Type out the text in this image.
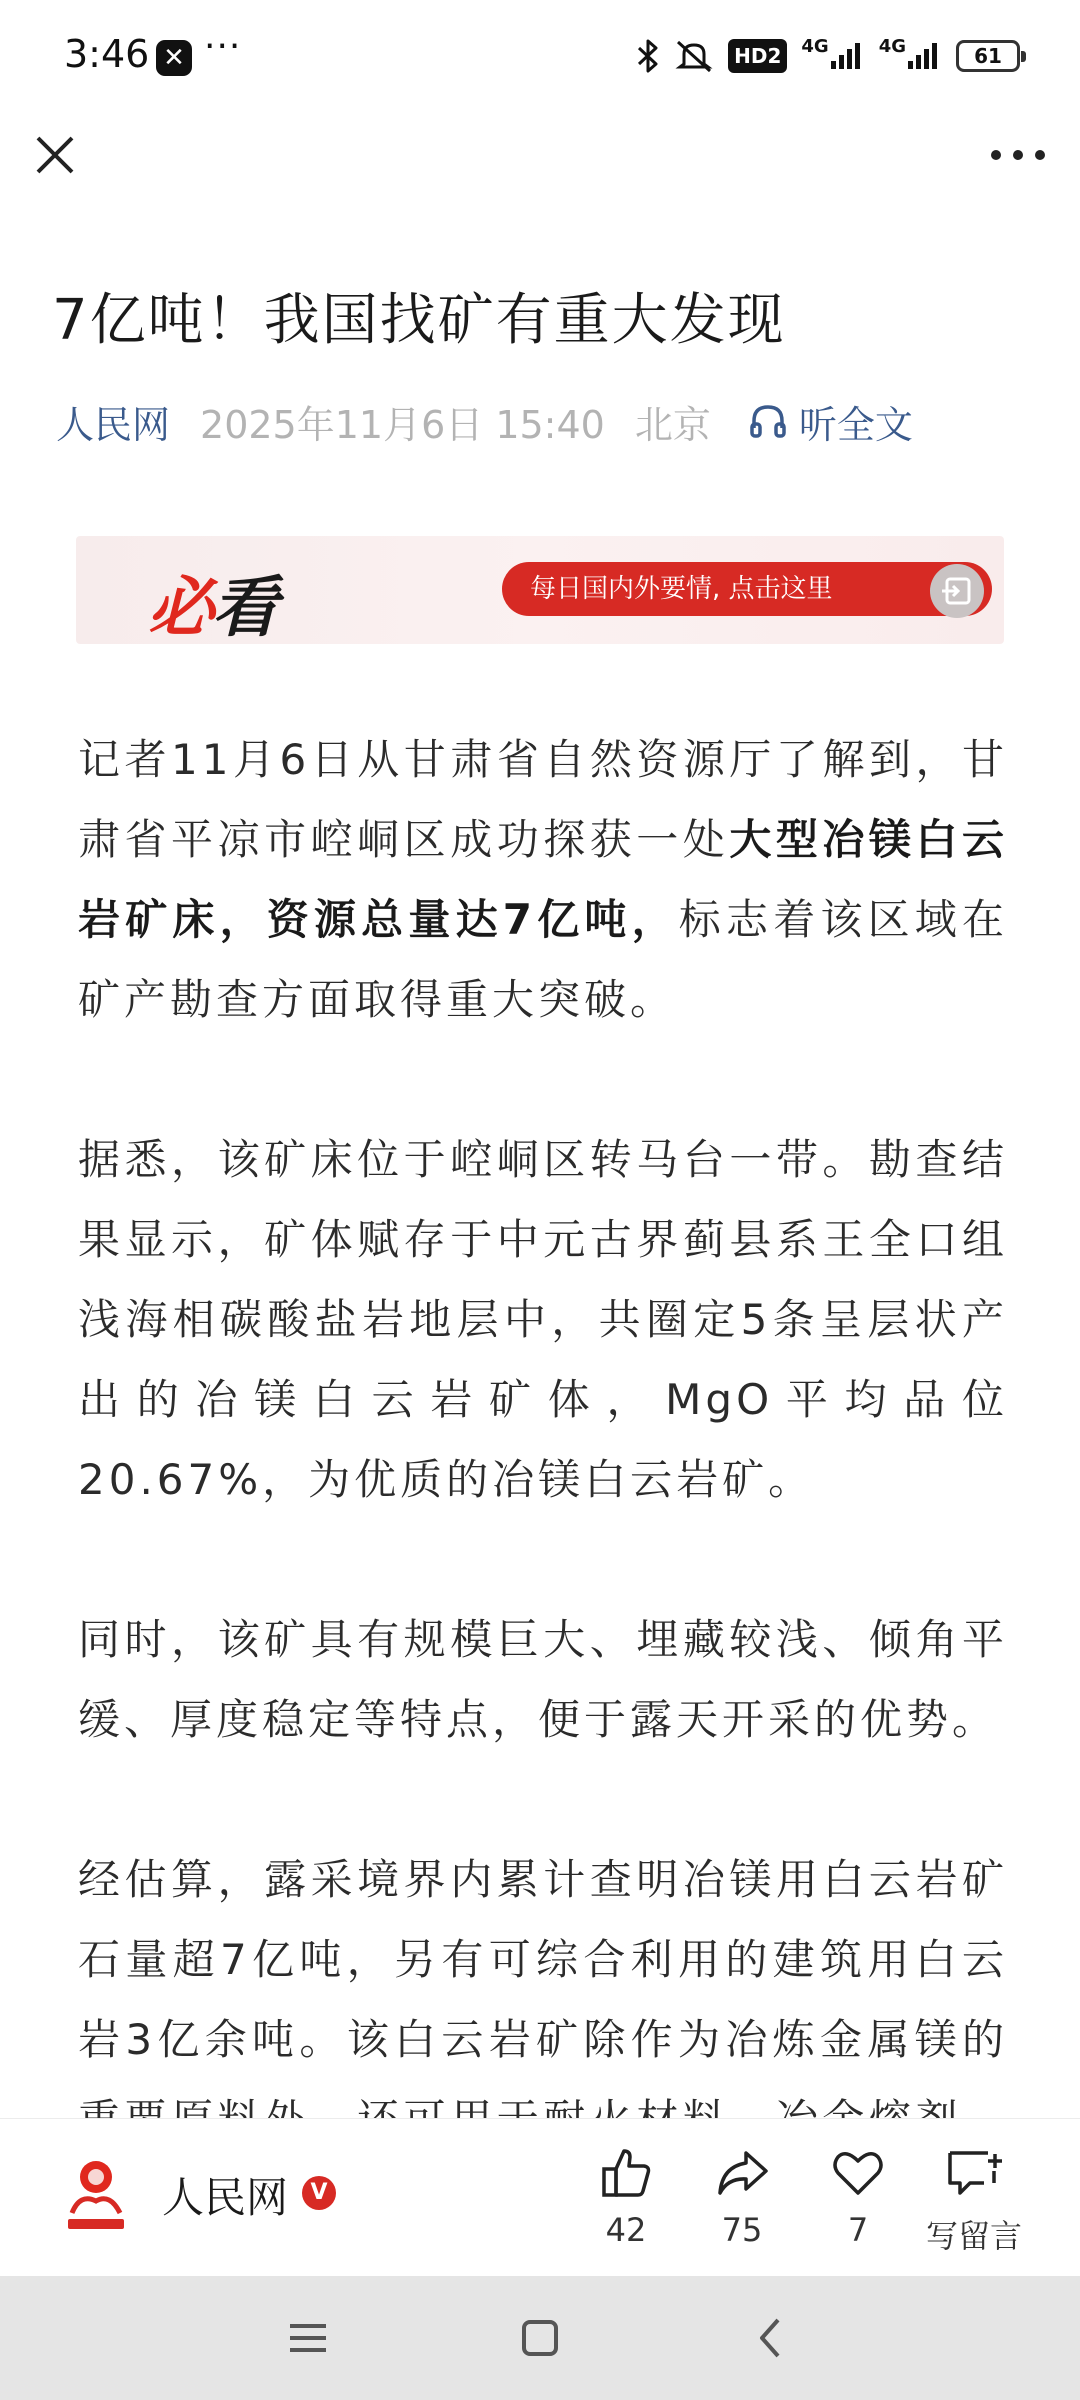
3:46 ✕ ···	HD2	4G	4G	61
7亿吨！我国找矿有重大发现
人民网 2025年11月6日 15:40 北京 听全文
必看	每日国内外要情, 点击这里

记者11月6日从甘肃省自然资源厅了解到，甘肃省平凉市崆峒区成功探获一处大型冶镁白云岩矿床，资源总量达7亿吨，标志着该区域在矿产勘查方面取得重大突破。

据悉，该矿床位于崆峒区转马台一带。勘查结果显示，矿体赋存于中元古界蓟县系王全口组浅海相碳酸盐岩地层中，共圈定5条呈层状产出的冶镁白云岩矿体，MgO平均品位20.67%，为优质的冶镁白云岩矿。

同时，该矿具有规模巨大、埋藏较浅、倾角平缓、厚度稳定等特点，便于露天开采的优势。

经估算，露采境界内累计查明冶镁用白云岩矿石量超7亿吨，另有可综合利用的建筑用白云岩3亿余吨。该白云岩矿除作为冶炼金属镁的

人民网	V
42	75	7	写留言
